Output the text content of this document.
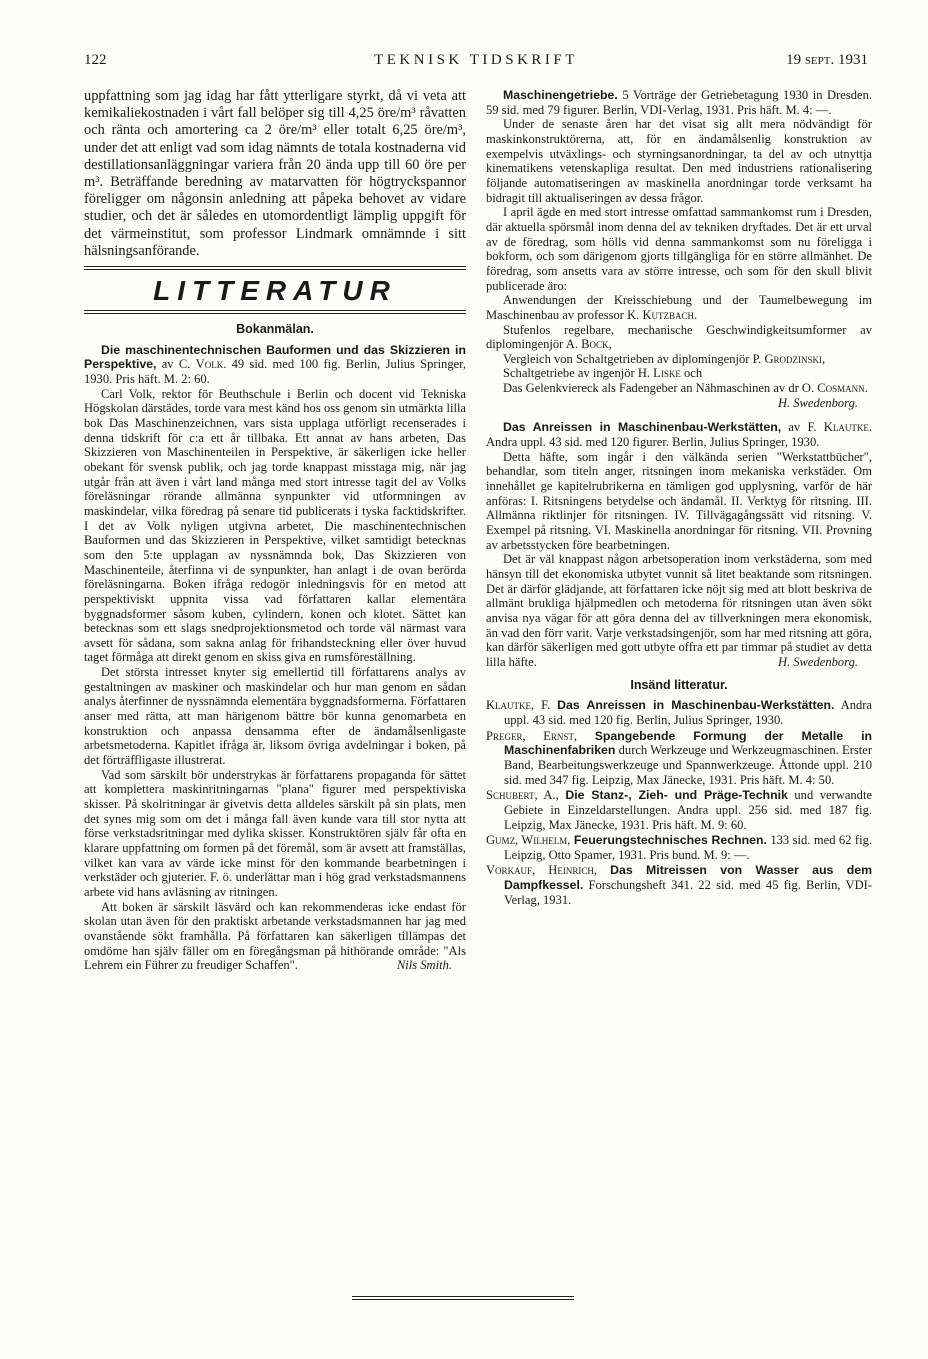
122	TEKNISK TIDSKRIFT	19 sept. 1931

uppfattning som jag idag har fått ytterligare styrkt, då vi veta att kemikaliekostnaden i vårt fall belöper sig till 4,25 öre/m³ råvatten och ränta och amortering ca 2 öre/m³ eller totalt 6,25 öre/m³, under det att enligt vad som idag nämnts de totala kostnaderna vid destillationsanläggningar variera från 20 ända upp till 60 öre per m³. Beträffande beredning av matarvatten för högtryckspannor föreligger om någonsin anledning att påpeka behovet av vidare studier, och det är således en utomordentligt lämplig uppgift för det värmeinstitut, som professor Lindmark omnämnde i sitt hälsningsanförande.

LITTERATUR
Bokanmälan.

Die maschinentechnischen Bauformen und das Skizzieren in Perspektive, av C. Volk. 49 sid. med 100 fig. Berlin, Julius Springer, 1930. Pris häft. M. 2: 60.

Carl Volk, rektor för Beuthschule i Berlin och docent vid Tekniska Högskolan därstädes, torde vara mest känd hos oss genom sin utmärkta lilla bok Das Maschinenzeichnen, vars sista upplaga utförligt recenserades i denna tidskrift för c:a ett år tillbaka. Ett annat av hans arbeten, Das Skizzieren von Maschinenteilen in Perspektive, är säkerligen icke heller obekant för svensk publik, och jag torde knappast misstaga mig, när jag utgår från att även i vårt land många med stort intresse tagit del av Volks föreläsningar rörande allmänna synpunkter vid utformningen av maskindelar, vilka föredrag på senare tid publicerats i tyska facktidskrifter. I det av Volk nyligen utgivna arbetet, Die maschinentechnischen Bauformen und das Skizzieren in Perspektive, vilket samtidigt betecknas som den 5:te upplagan av nyssnämnda bok, Das Skizzieren von Maschinenteile, återfinna vi de synpunkter, han anlagt i de ovan berörda föreläsningarna. Boken ifråga redogör inledningsvis för en metod att perspektiviskt uppnita vissa vad författaren kallar elementära byggnadsformer såsom kuben, cylindern, konen och klotet. Sättet kan betecknas som ett slags snedprojektionsmetod och torde väl närmast vara avsett för sådana, som sakna anlag för frihandsteckning eller över huvud taget förmåga att direkt genom en skiss giva en rumsföreställning.

Det största intresset knyter sig emellertid till författarens analys av gestaltningen av maskiner och maskindelar och hur man genom en sådan analys återfinner de nyssnämnda elementära byggnadsformerna. Författaren anser med rätta, att man härigenom bättre bör kunna genomarbeta en konstruktion och anpassa densamma efter de ändamålsenligaste arbetsmetoderna. Kapitlet ifråga är, liksom övriga avdelningar i boken, på det förträffligaste illustrerat.

Vad som särskilt bör understrykas är författarens propaganda för sättet att komplettera maskinritningarnas "plana" figurer med perspektiviska skisser. På skolritningar är givetvis detta alldeles särskilt på sin plats, men det synes mig som om det i många fall även kunde vara till stor nytta att förse verkstadsritningar med dylika skisser. Konstruktören själv får ofta en klarare uppfattning om formen på det föremål, som är avsett att framställas, vilket kan vara av värde icke minst för den kommande bearbetningen i verkstäder och gjuterier. F. ö. underlättar man i hög grad verkstadsmannens arbete vid hans avläsning av ritningen.

Att boken är särskilt läsvärd och kan rekommenderas icke endast för skolan utan även för den praktiskt arbetande verkstadsmannen har jag med ovanstående sökt framhålla. På författaren kan säkerligen tillämpas det omdöme han själv fäller om en föregångsman på hithörande område: "Als Lehrem ein Führer zu freudiger Schaffen".	Nils Smith.

Maschinengetriebe. 5 Vorträge der Getriebetagung 1930 in Dresden. 59 sid. med 79 figurer. Berlin, VDI-Verlag, 1931. Pris häft. M. 4: —.

Under de senaste åren har det visat sig allt mera nödvändigt för maskinkonstruktörerna, att, för en ändamålsenlig konstruktion av exempelvis utväxlings- och styrningsanordningar, ta del av och utnyttja kinematikens vetenskapliga resultat. Den med industriens rationalisering följande automatiseringen av maskinella anordningar torde verksamt ha bidragit till aktualiseringen av dessa frågor.

I april ägde en med stort intresse omfattad sammankomst rum i Dresden, där aktuella spörsmål inom denna del av tekniken dryftades. Det är ett urval av de föredrag, som hölls vid denna sammankomst som nu föreligga i bokform, och som därigenom gjorts tillgängliga för en större allmänhet. De föredrag, som ansetts vara av större intresse, och som för den skull blivit publicerade äro:

Anwendungen der Kreisschiebung und der Taumelbewegung im Maschinenbau av professor K. Kutzbach.

Stufenlos regelbare, mechanische Geschwindigkeitsumformer av diplomingenjör A. Bock,

Vergleich von Schaltgetrieben av diplomingenjör P. Grodzinski,

Schaltgetriebe av ingenjör H. Liske och

Das Gelenkviereck als Fadengeber an Nähmaschinen av dr O. Cosmann.

H. Swedenborg.

Das Anreissen in Maschinenbau-Werkstätten, av F. Klautke. Andra uppl. 43 sid. med 120 figurer. Berlin, Julius Springer, 1930.

Detta häfte, som ingår i den välkända serien "Werkstattbücher", behandlar, som titeln anger, ritsningen inom mekaniska verkstäder. Om innehållet ge kapitelrubrikerna en tämligen god upplysning, varför de här anföras: I. Ritsningens betydelse och ändamål. II. Verktyg för ritsning. III. Allmänna riktlinjer för ritsningen. IV. Tillvägagångssätt vid ritsning. V. Exempel på ritsning. VI. Maskinella anordningar för ritsning. VII. Provning av arbetsstycken före bearbetningen.

Det är väl knappast någon arbetsoperation inom verkstäderna, som med hänsyn till det ekonomiska utbytet vunnit så litet beaktande som ritsningen. Det är därför glädjande, att författaren icke nöjt sig med att blott beskriva de allmänt brukliga hjälpmedlen och metoderna för ritsningen utan även sökt anvisa nya vägar för att göra denna del av tillverkningen mera ekonomisk, än vad den förr varit. Varje verkstadsingenjör, som har med ritsning att göra, kan därför säkerligen med gott utbyte offra ett par timmar på studiet av detta lilla häfte.	H. Swedenborg.

Insänd litteratur.

Klautke, F. Das Anreissen in Maschinenbau-Werkstätten. Andra uppl. 43 sid. med 120 fig. Berlin, Julius Springer, 1930.

Preger, Ernst, Spangebende Formung der Metalle in Maschinenfabriken durch Werkzeuge und Werkzeugmaschinen. Erster Band, Bearbeitungswerkzeuge und Spannwerkzeuge. Åttonde uppl. 210 sid. med 347 fig. Leipzig, Max Jänecke, 1931. Pris häft. M. 4: 50.

Schubert, A., Die Stanz-, Zieh- und Präge-Technik und verwandte Gebiete in Einzeldarstellungen. Andra uppl. 256 sid. med 187 fig. Leipzig, Max Jänecke, 1931. Pris häft. M. 9: 60.

Gumz, Wilhelm, Feuerungstechnisches Rechnen. 133 sid. med 62 fig. Leipzig, Otto Spamer, 1931. Pris bund. M. 9: —.

Vorkauf, Heinrich, Das Mitreissen von Wasser aus dem Dampfkessel. Forschungsheft 341. 22 sid. med 45 fig. Berlin, VDI-Verlag, 1931.
